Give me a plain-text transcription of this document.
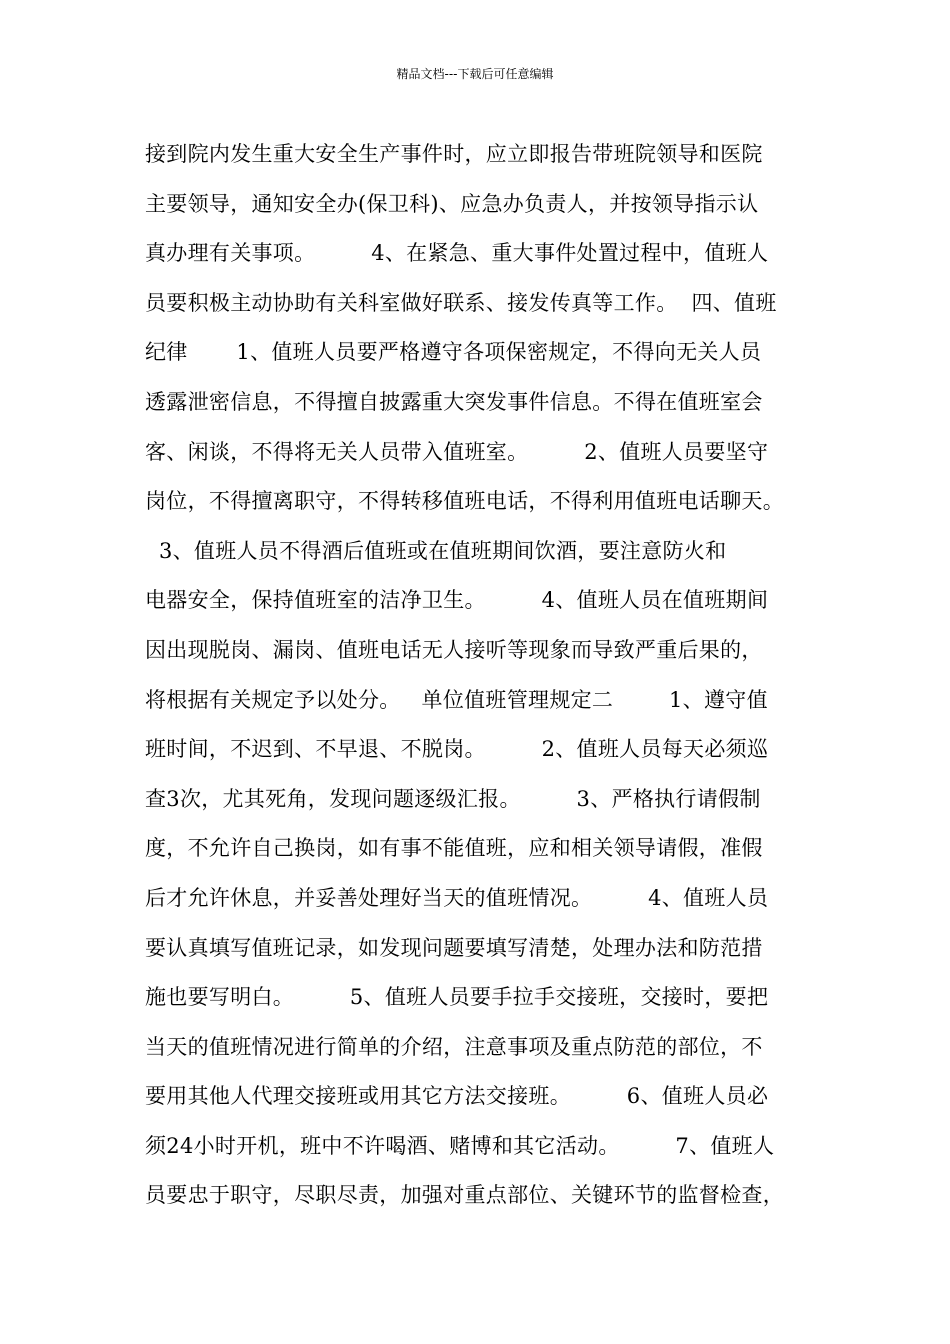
精品文档---下载后可任意编辑
接到院内发生重大安全生产事件时，应立即报告带班院领导和医院
主要领导，通知安全办(保卫科)、应急办负责人，并按领导指示认
真办理有关事项。        4、在紧急、重大事件处置过程中，值班人
员要积极主动协助有关科室做好联系、接发传真等工作。  四、值班
纪律       1、值班人员要严格遵守各项保密规定，不得向无关人员
透露泄密信息，不得擅自披露重大突发事件信息。不得在值班室会
客、闲谈，不得将无关人员带入值班室。        2、值班人员要坚守
岗位，不得擅离职守，不得转移值班电话，不得利用值班电话聊天。
3、值班人员不得酒后值班或在值班期间饮酒，要注意防火和
电器安全，保持值班室的洁净卫生。        4、值班人员在值班期间
因出现脱岗、漏岗、值班电话无人接听等现象而导致严重后果的，
将根据有关规定予以处分。   单位值班管理规定二        1、遵守值
班时间，不迟到、不早退、不脱岗。        2、值班人员每天必须巡
查3次，尤其死角，发现问题逐级汇报。        3、严格执行请假制
度，不允许自己换岗，如有事不能值班，应和相关领导请假，准假
后才允许休息，并妥善处理好当天的值班情况。        4、值班人员
要认真填写值班记录，如发现问题要填写清楚，处理办法和防范措
施也要写明白。        5、值班人员要手拉手交接班，交接时，要把
当天的值班情况进行简单的介绍，注意事项及重点防范的部位，不
要用其他人代理交接班或用其它方法交接班。        6、值班人员必
须24小时开机，班中不许喝酒、赌博和其它活动。        7、值班人
员要忠于职守，尽职尽责，加强对重点部位、关键环节的监督检查，
